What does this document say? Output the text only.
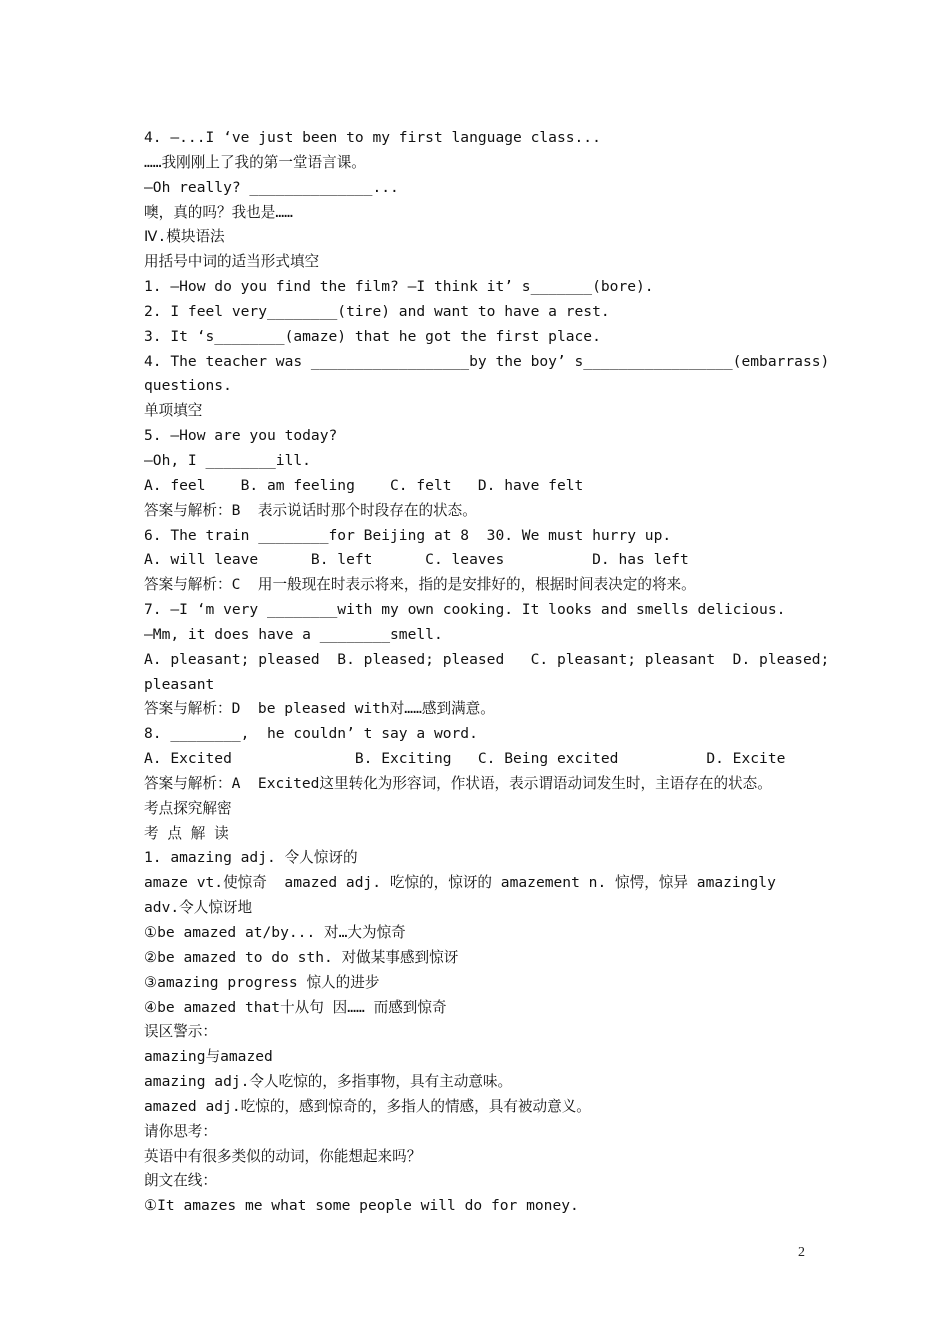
4. —...I ‘ve just been to my first language class...
……我刚刚上了我的第一堂语言课。
—Oh really? ______________...
噢，真的吗？我也是……
Ⅳ.模块语法
用括号中词的适当形式填空
1. —How do you find the film? —I think it’ s_______(bore).
2. I feel very________(tire) and want to have a rest.
3. It ‘s________(amaze) that he got the first place.
4. The teacher was __________________by the boy’ s_________________(embarrass)
questions.
单项填空
5. —How are you today?
—Oh, I ________ill.
A. feel    B. am feeling    C. felt   D. have felt
答案与解析：B  表示说话时那个时段存在的状态。
6. The train ________for Beijing at 8  30. We must hurry up.
A. will leave      B. left      C. leaves          D. has left
答案与解析：C  用一般现在时表示将来，指的是安排好的，根据时间表决定的将来。
7. —I ‘m very ________with my own cooking. It looks and smells delicious.
—Mm, it does have a ________smell.
A. pleasant; pleased  B. pleased; pleased   C. pleasant; pleasant  D. pleased;
pleasant
答案与解析：D  be pleased with对……感到满意。
8. ________,  he couldn’ t say a word.
A. Excited              B. Exciting   C. Being excited          D. Excite
答案与解析：A  Excited这里转化为形容词，作状语，表示谓语动词发生时，主语存在的状态。
考点探究解密
考 点 解 读
1. amazing adj. 令人惊讶的
amaze vt.使惊奇  amazed adj. 吃惊的，惊讶的 amazement n. 惊愕，惊异 amazingly
adv.令人惊讶地
①be amazed at/by... 对…大为惊奇
②be amazed to do sth. 对做某事感到惊讶
③amazing progress 惊人的进步
④be amazed that十从句 因…… 而感到惊奇
误区警示：
amazing与amazed
amazing adj.令人吃惊的，多指事物，具有主动意味。
amazed adj.吃惊的，感到惊奇的，多指人的情感，具有被动意义。
请你思考：
英语中有很多类似的动词，你能想起来吗？
朗文在线：
①It amazes me what some people will do for money.
2
